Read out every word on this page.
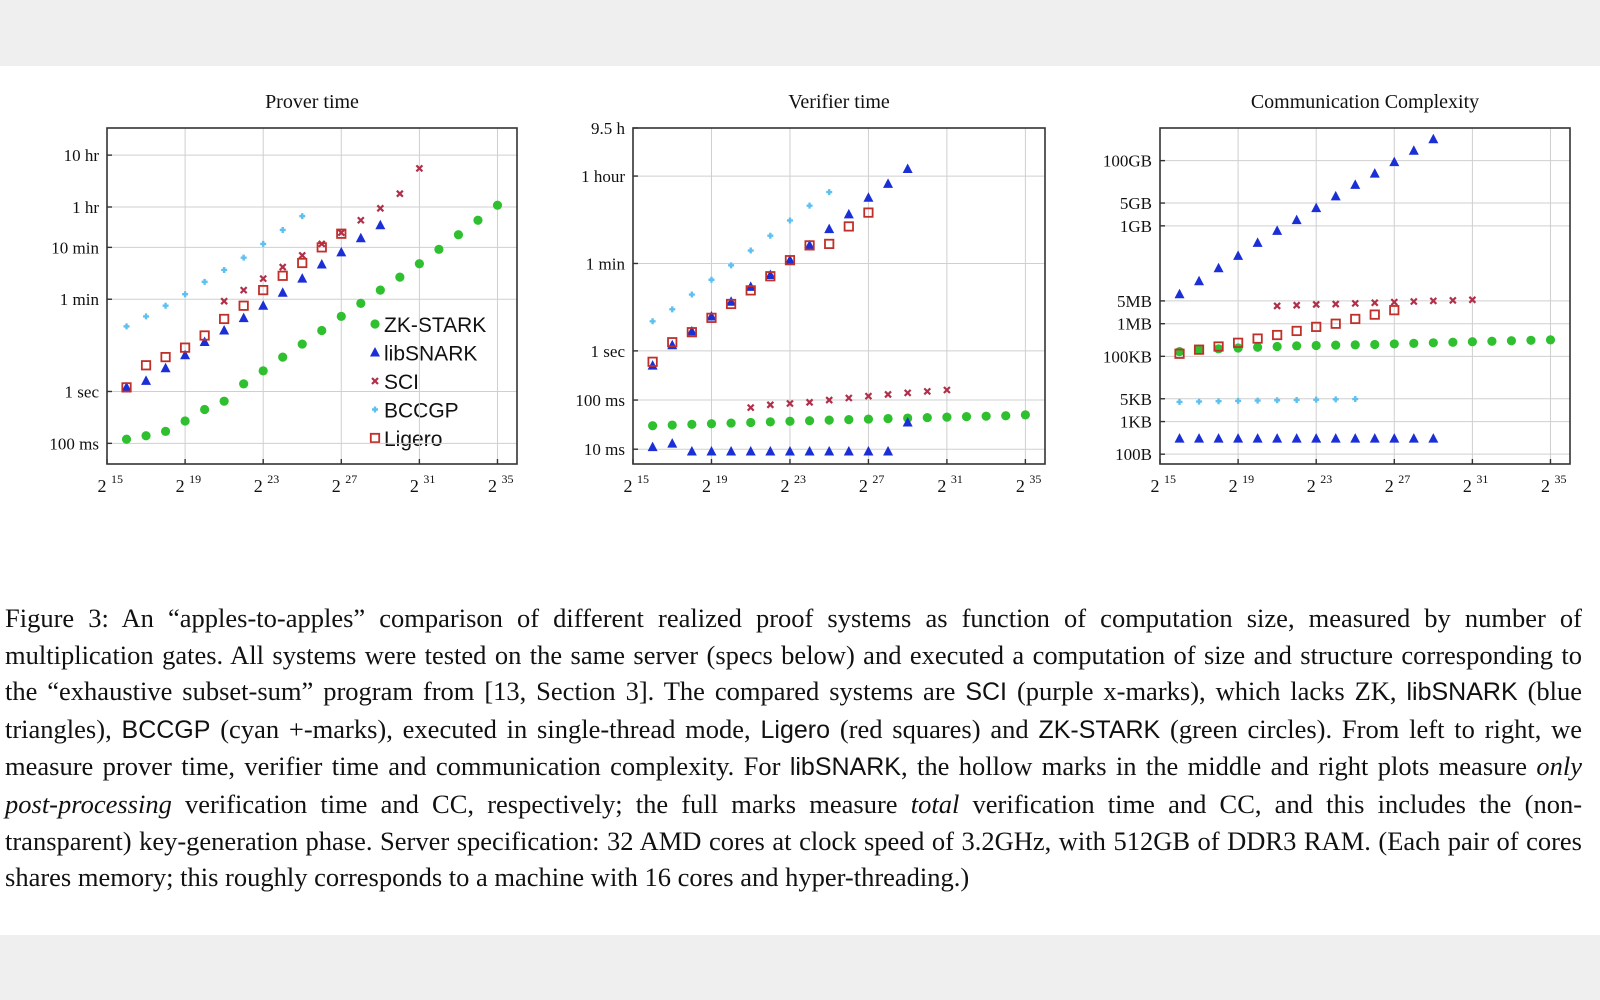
ZK-STARK
libSNARK
SCI
BCCGP
Ligero
Prover time
2 15	2 19	2 23	2 27	2 31	2 35
100 ms
1 sec
1 min
10 min
1 hr
10 hr
Verifier time
2 15	2 19	2 23	2 27	2 31	2 35
10 ms
100 ms
1 sec
1 min
1 hour
9.5 h
Communication Complexity
2 15	2 19	2 23	2 27	2 31	2 35
100B
1KB
5KB
100KB
1MB
5MB
1GB
5GB
100GB
Figure 3: An “apples-to-apples” comparison of different realized proof systems as function of computation size, measured by number of multiplication gates. All systems were tested on the same server (specs below) and executed a computation of size and structure corresponding to the “exhaustive subset-sum” program from [13, Section 3]. The compared systems are SCI (purple x-marks), which lacks ZK, libSNARK (blue triangles), BCCGP (cyan +-marks), executed in single-thread mode, Ligero (red squares) and ZK-STARK (green circles). From left to right, we measure prover time, verifier time and communication complexity. For libSNARK, the hollow marks in the middle and right plots measure only post-processing verification time and CC, respectively; the full marks measure total verification time and CC, and this includes the (non-transparent) key-generation phase. Server specification: 32 AMD cores at clock speed of 3.2GHz, with 512GB of DDR3 RAM. (Each pair of cores shares memory; this roughly corresponds to a machine with 16 cores and hyper-threading.)
